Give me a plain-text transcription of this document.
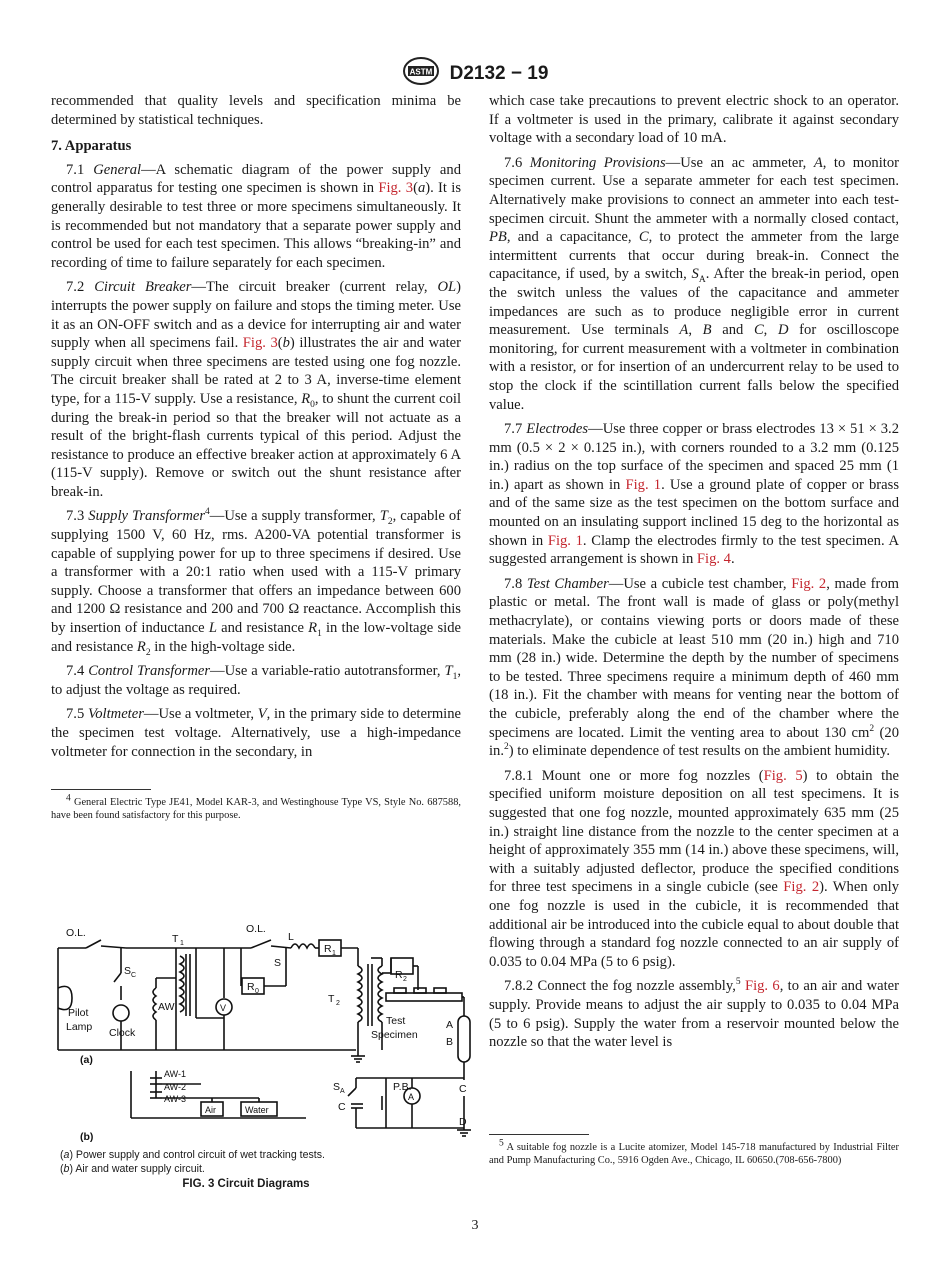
ASTM D2132 − 19

recommended that quality levels and specification minima be determined by statistical techniques.

7. Apparatus

7.1 General—A schematic diagram of the power supply and control apparatus for testing one specimen is shown in Fig. 3(a). It is generally desirable to test three or more specimens simultaneously. It is recommended but not mandatory that a separate power supply and control be used for each test specimen. This allows “breaking-in” and recording of time to failure separately for each specimen.

7.2 Circuit Breaker—The circuit breaker (current relay, OL) interrupts the power supply on failure and stops the timing meter. Use it as an ON-OFF switch and as a device for interrupting air and water supply when all specimens fail. Fig. 3(b) illustrates the air and water supply circuit when three specimens are tested using one fog nozzle. The circuit breaker shall be rated at 2 to 3 A, inverse-time element type, for a 115-V supply. Use a resistance, $R_0$, to shunt the current coil during the break-in period so that the breaker will not actuate as a result of the bright-flash currents typical of this period. Adjust the resistance to produce an effective breaker action at approximately 6 A (115-V supply). Remove or switch out the shunt resistance after break-in.

7.3 Supply Transformer$^4$—Use a supply transformer, $T_2$, capable of supplying 1500 V, 60 Hz, rms. A200-VA potential transformer is capable of supplying power for up to three specimens if desired. Use a transformer with a 20:1 ratio when used with a 115-V primary supply. Choose a transformer that offers an impedance between 600 and 1200 Ω resistance and 200 and 700 Ω reactance. Accomplish this by insertion of inductance L and resistance $R_1$ in the low-voltage side and resistance $R_2$ in the high-voltage side.

7.4 Control Transformer—Use a variable-ratio autotransformer, $T_1$, to adjust the voltage as required.

7.5 Voltmeter—Use a voltmeter, V, in the primary side to determine the specimen test voltage. Alternatively, use a high-impedance voltmeter for connection in the secondary, in

$^4$ General Electric Type JE41, Model KAR-3, and Westinghouse Type VS, Style No. 687588, have been found satisfactory for this purpose.

O.L.	T 1
O.L.
L
R 1
S C
S
R 0
R 2
Clock
AW	V
T 2
Pilot
Lamp	Test
Specimen
A
B
C
D
(a)
(b)
AW-1
AW-2
AW-3
Air	Water
S A
C
P.B.
A
(a) Power supply and control circuit of wet tracking tests.
(b) Air and water supply circuit.
FIG. 3 Circuit Diagrams

which case take precautions to prevent electric shock to an operator. If a voltmeter is used in the primary, calibrate it against secondary voltage with a secondary load of 10 mA.

7.6 Monitoring Provisions—Use an ac ammeter, A, to monitor specimen current. Use a separate ammeter for each test specimen. Alternatively make provisions to connect an ammeter into each test-specimen circuit. Shunt the ammeter with a normally closed contact, PB, and a capacitance, C, to protect the ammeter from the large intermittent currents that occur during break-in. Connect the capacitance, if used, by a switch, $S_A$. After the break-in period, open the switch unless the values of the capacitance and ammeter impedances are such as to produce negligible error in current measurement. Use terminals A, B and C, D for oscilloscope monitoring, for current measurement with a voltmeter in combination with a resistor, or for insertion of an undercurrent relay to be used to stop the clock if the scintillation current falls below the specified value.

7.7 Electrodes—Use three copper or brass electrodes 13 × 51 × 3.2 mm (0.5 × 2 × 0.125 in.), with corners rounded to a 3.2 mm (0.125 in.) radius on the top surface of the specimen and spaced 25 mm (1 in.) apart as shown in Fig. 1. Use a ground plate of copper or brass and of the same size as the test specimen on the bottom surface and mounted on an insulating support inclined 15 deg to the horizontal as shown in Fig. 1. Clamp the electrodes firmly to the test specimen. A suggested arrangement is shown in Fig. 4.

7.8 Test Chamber—Use a cubicle test chamber, Fig. 2, made from plastic or metal. The front wall is made of glass or poly(methyl methacrylate), or contains viewing ports or doors made of these materials. Make the cubicle at least 510 mm (20 in.) high and 710 mm (28 in.) wide. Determine the depth by the number of specimens to be tested. Three specimens require a minimum depth of 460 mm (18 in.). Fit the chamber with means for venting near the bottom of the cubicle, preferably along the end of the chamber where the specimens are located. Limit the venting area to about 130 $cm^2$ (20 in.$^2$) to eliminate dependence of test results on the ambient humidity.

7.8.1 Mount one or more fog nozzles (Fig. 5) to obtain the specified uniform moisture deposition on all test specimens. It is suggested that one fog nozzle, mounted approximately 635 mm (25 in.) straight line distance from the nozzle to the center specimen at a height of approximately 355 mm (14 in.) above these specimens, will, with a suitably adjusted deflector, produce the specified conditions for three test specimens in a single cubicle (see Fig. 2). When only one fog nozzle is used in the cubicle, it is recommended that additional air be introduced into the cubicle equal to about double that flowing through a standard fog nozzle connected to an air supply of 0.035 to 0.04 MPa (5 to 6 psig).

7.8.2 Connect the fog nozzle assembly,$^5$ Fig. 6, to an air and water supply. Provide means to adjust the air supply to 0.035 to 0.04 MPa (5 to 6 psig). Supply the water from a reservoir mounted below the nozzle so that the water level is

$^5$ A suitable fog nozzle is a Lucite atomizer, Model 145-718 manufactured by Industrial Filter and Pump Manufacturing Co., 5916 Ogden Ave., Chicago, IL 60650.(708-656-7800)

3
